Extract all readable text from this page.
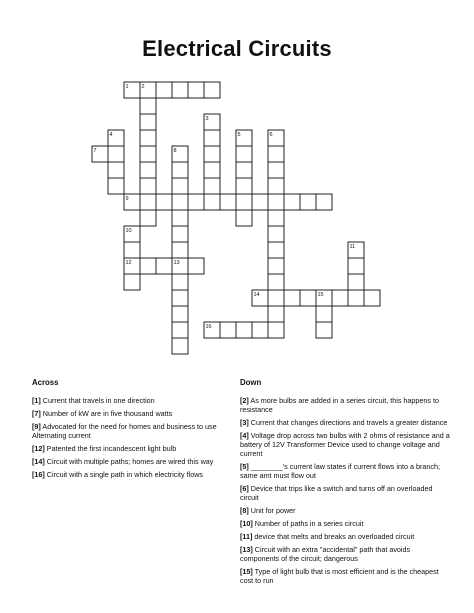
Electrical Circuits
1 2
3
4	5	6
7	8
9
10
11
12	13
14	15
16
Across
[1] Current that travels in one direction
[7] Number of kW are in five thousand watts
[9] Advocated for the need for homes and business to use Alternating current
[12] Patented the first incandescent light bulb
[14] Circuit with multiple paths; homes are wired this way
[16] Circuit with a single path in which electricity flows
Down
[2] As more bulbs are added in a series circuit, this happens to resistance
[3] Current that changes directions and travels a greater distance
[4] Voltage drop across two bulbs with 2 ohms of resistance and a battery of 12V Transformer Device used to change voltage and current
[5] ________'s current law states if current flows into a branch; same amt must flow out
[6] Device that trips like a switch and turns off an overloaded circuit
[8] Unit for power
[10] Number of paths in a series circuit
[11] device that melts and breaks an overloaded circuit
[13] Circuit with an extra "accidental" path that avoids components of the circuit; dangerous
[15] Type of light bulb that is most efficient and is the cheapest cost to run
